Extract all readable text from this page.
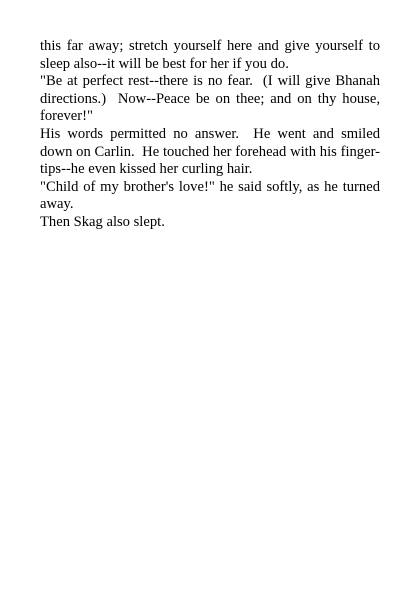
this far away; stretch yourself here and give yourself to sleep also--it will be best for her if you do.

"Be at perfect rest--there is no fear.  (I will give Bhanah directions.)  Now--Peace be on thee; and on thy house, forever!"

His words permitted no answer.  He went and smiled down on Carlin.  He touched her forehead with his finger-tips--he even kissed her curling hair.

"Child of my brother's love!" he said softly, as he turned away.

Then Skag also slept.
